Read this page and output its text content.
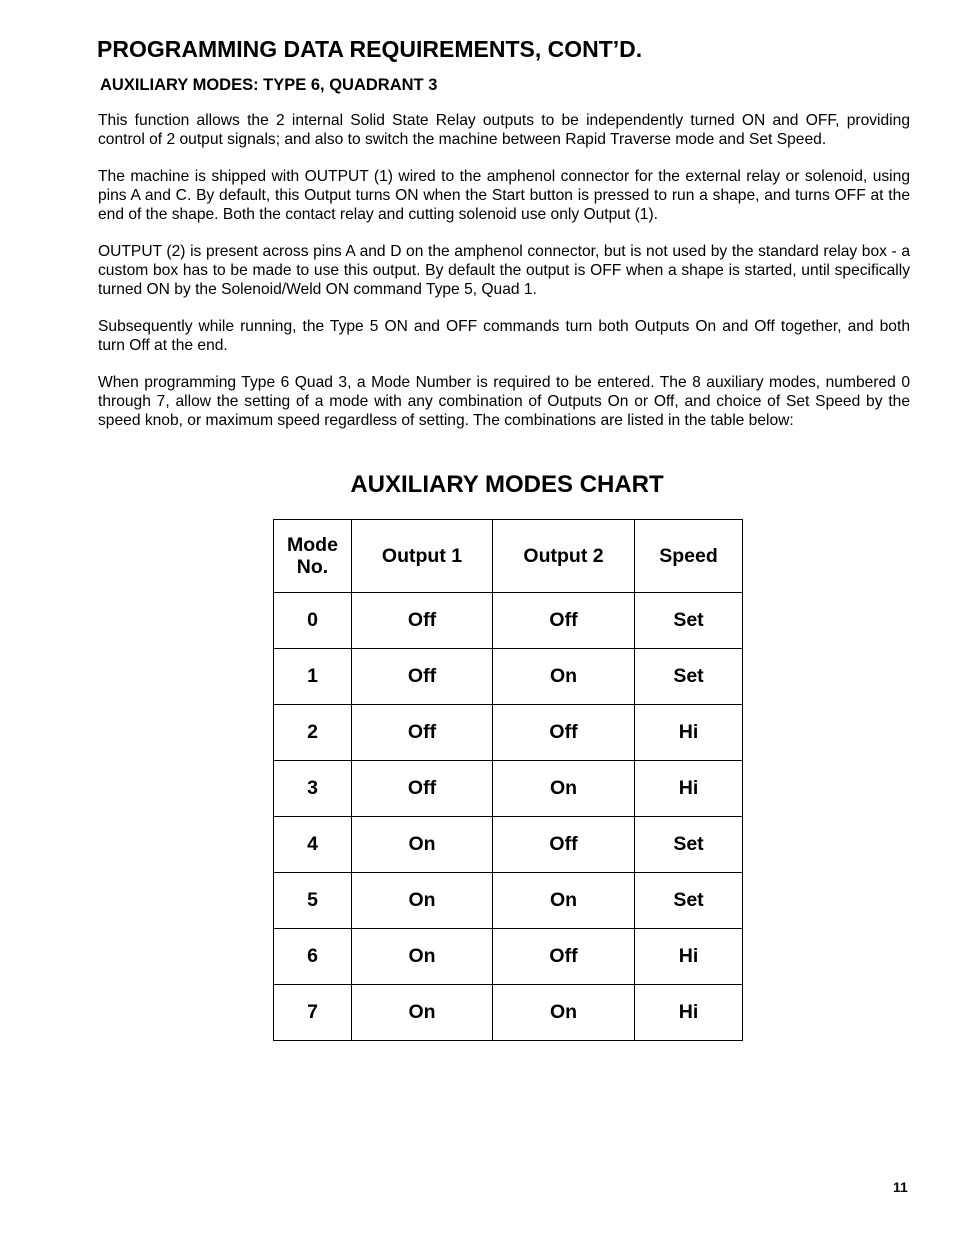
PROGRAMMING DATA REQUIREMENTS, CONT’D.
AUXILIARY MODES: TYPE 6, QUADRANT 3

This function allows the 2 internal Solid State Relay outputs to be independently turned ON and OFF, providing control of 2 output signals; and also to switch the machine between Rapid Traverse mode and Set Speed.

The machine is shipped with OUTPUT (1) wired to the amphenol connector for the external relay or solenoid, using pins A and C. By default, this Output turns ON when the Start button is pressed to run a shape, and turns OFF at the end of the shape. Both the contact relay and cutting solenoid use only Output (1).

OUTPUT (2) is present across pins A and D on the amphenol connector, but is not used by the standard relay box - a custom box has to be made to use this output. By default the output is OFF when a shape is started, until specifically turned ON by the Solenoid/Weld ON command Type 5, Quad 1.

Subsequently while running, the Type 5 ON and OFF commands turn both Outputs On and Off together, and both turn Off at the end.

When programming Type 6 Quad 3, a Mode Number is required to be entered. The 8 auxiliary modes, numbered 0 through 7, allow the setting of a mode with any combination of Outputs On or Off, and choice of Set Speed by the speed knob, or maximum speed regardless of setting. The combinations are listed in the table below:

AUXILIARY MODES CHART
Mode
No.	Output 1	Output 2	Speed
0	Off	Off	Set
1	Off	On	Set
2	Off	Off	Hi
3	Off	On	Hi
4	On	Off	Set
5	On	On	Set
6	On	Off	Hi
7	On	On	Hi
11
